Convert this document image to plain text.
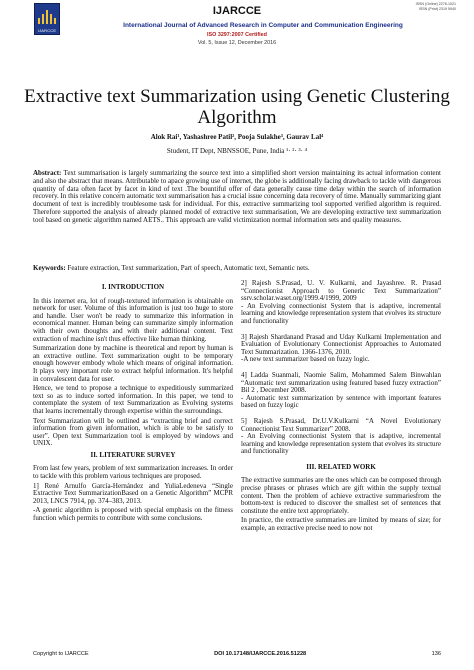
IJARCCE
IJARCCE
ISSN (Online) 2278-1021
ISSN (Print) 2319 5940
International Journal of Advanced Research in Computer and Communication Engineering
ISO 3297:2007 Certified
Vol. 5, Issue 12, December 2016
Extractive text Summarization using Genetic Clustering Algorithm
Alok Rai¹, Yashashree Patil², Pooja Sulakhe³, Gaurav Lal⁴
Student, IT Dept, NBNSSOE, Pune, India ¹· ²· ³· ⁴
Abstract: Text summarisation is largely summarizing the source text into a simplified short version maintaining its actual information content and also the abstract that means. Attributable to apace growing use of internet, the globe is additionally facing drawback to tackle with dangerous quantity of data often facet by facet in kind of text .The bountiful offer of data generally cause time delay within the search of information recovery. In this relative concern automatic text summarisation has a crucial issue concerning data recovery of time. Manually summarizing giant document of text is incredibly troublesome task for individual. For this, extractive summarizing tool supported verified algorithm is required. Therefore supported the analysis of already planned model of extractive text summarisation, We are developing extractive text summarization tool based on genetic algorithm named AETS.. This approach are valid victimization normal information sets and quality measures.
Keywords: Feature extraction, Text summarization, Part of speech, Automatic text, Semantic nets.
I. INTRODUCTION

In this internet era, lot of rough-textured information is obtainable on network for user. Volume of this information is just too huge to store and handle. User won't be ready to summarize this information in economical manner. Human being can summarize simply information with their own thoughts and with their additional content. Text extraction of machine isn't thus effective like human thinking.

Summarization done by machine is theoretical and report by human is an extractive outline. Text summarization ought to be temporary enough however embody whole which means of original information. It plays very important role to extract helpful information. It's helpful in convalescent data for user.

Hence, we tend to propose a technique to expeditiously summarized text so as to induce sorted information. In this paper, we tend to contemplate the system of text Summarization as Evolving systems that learns incrementally through expertise within the surroundings.

Text Summarization will be outlined as “extracting brief and correct information from given information, which is able to be satisfy to user”. Open text Summarization tool is employed by windows and UNIX.

II. LITERATURE SURVEY

From last few years, problem of text summarization increases. In order to tackle with this problem various techniques are proposed.

1] René Arnulfo García-Hernández and YuliaLedeneva “Single Extractive Text SummarizationBased on a Genetic Algorithm” MCPR 2013, LNCS 7914, pp. 374–383, 2013.

-A genetic algorithm is proposed with special emphasis on the fitness function which permits to contribute with some conclusions.

2] Rajesh S.Prasad, U. V. Kulkarni, and Jayashree. R. Prasad “Connectionist Approach to Generic Text Summarization” ssrv.scholar.waset.org/1999.4/1999, 2009

- An Evolving connectionist System that is adaptive, incremental learning and knowledge representation system that evolves its structure and functionality

3] Rajesh Shardanand Prasad and Uday Kulkarni Implementation and Evaluation of Evolutionary Connectionist Approaches to Automated Text Summarization. 1366-1376, 2010.

-A new text summarizer based on fuzzy logic.

4] Ladda Suanmali, Naomie Salim, Mohammed Salem Binwahlan “Automatic text summarization using featured based fuzzy extraction” Bil 2 , December 2008.

- Automatic text summarization by sentence with important features based on fuzzy logic

5] Rajesh S.Prasad, Dr.U.V.Kulkarni “A Novel Evolutionary Connectionist Text Summarizer” 2008.

- An Evolving connectionist System that is adaptive, incremental learning and knowledge representation system that evolves its structure and functionality

III. RELATED WORK

The extractive summaries are the ones which can be composed through precise phrases or phrases which are gift within the supply textual content. Then the problem of achieve extractive summariesfrom the bottom-text is reduced to discover the smallest set of sentences that constitute the entire text appropriately.

In practice, the extractive summaries are limited by means of size; for example, an extractive precise need to now not

Copyright to IJARCCE	DOI 10.17148/IJARCCE.2016.51228	136
